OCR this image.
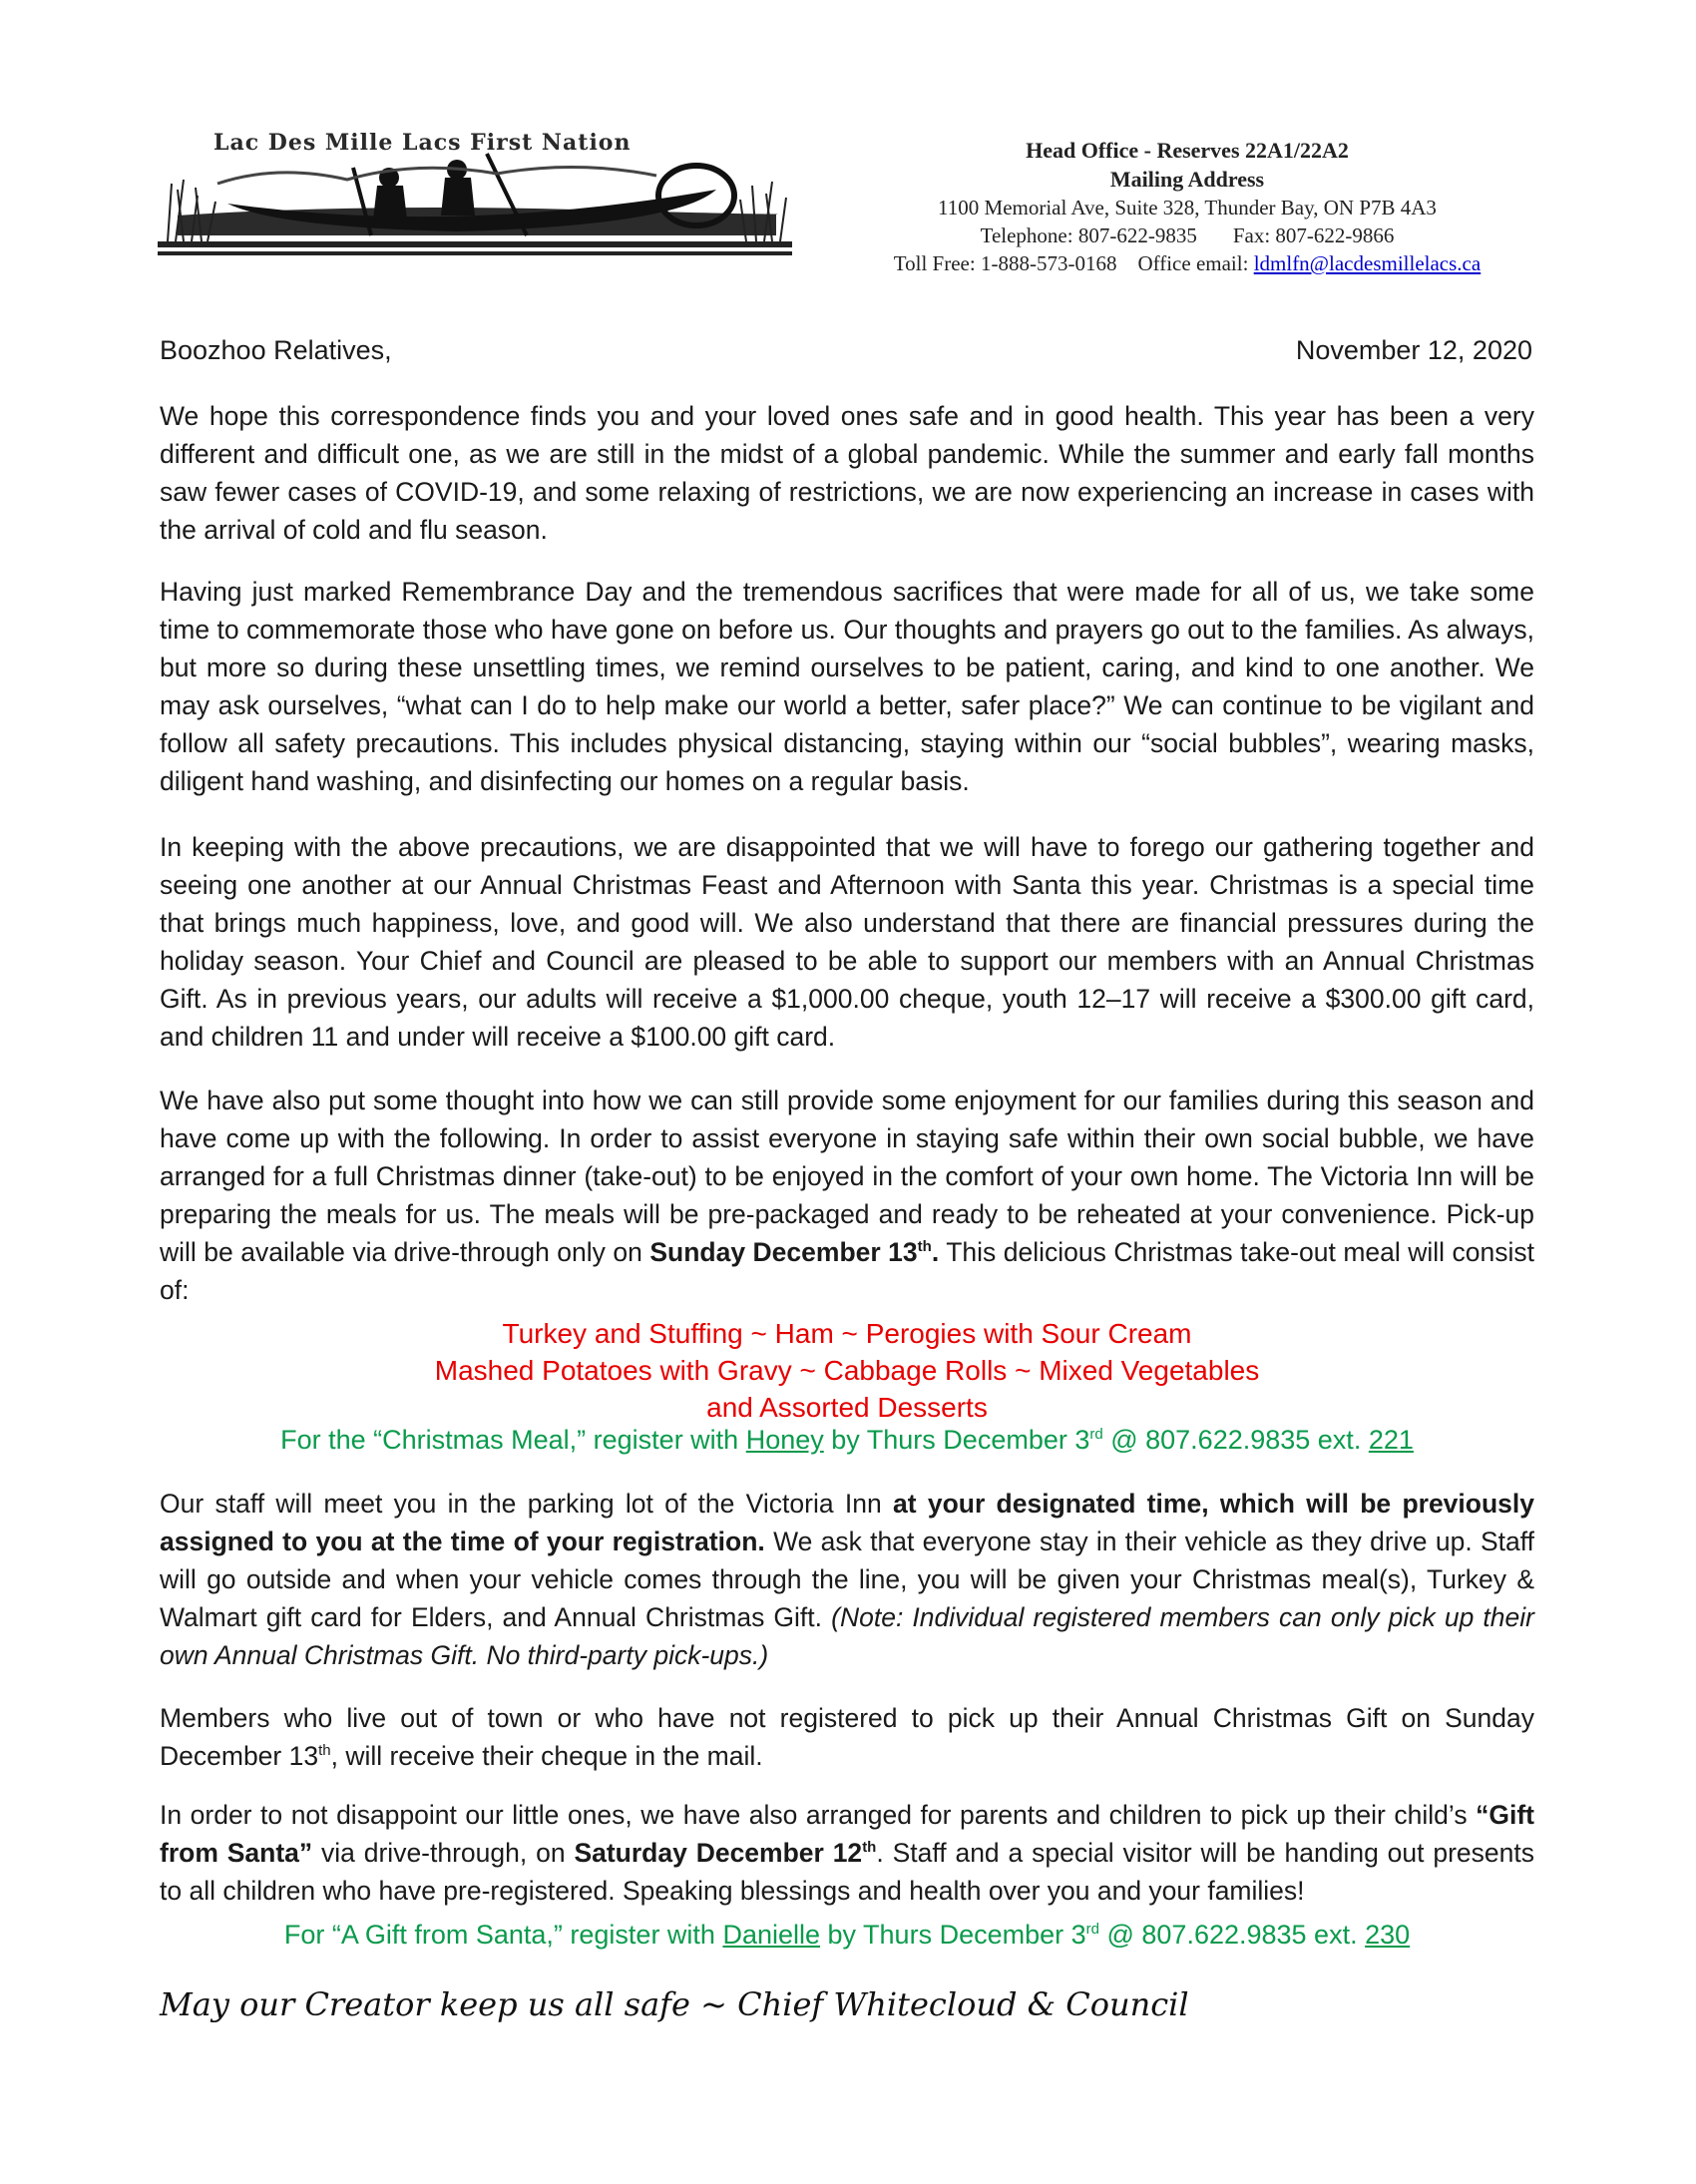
Lac Des Mille Lacs First Nation	Head Office - Reserves 22A1/22A2
Mailing Address
1100 Memorial Ave, Suite 328, Thunder Bay, ON P7B 4A3
Telephone: 807-622-9835 Fax: 807-622-9866
Toll Free: 1-888-573-0168 Office email: ldmlfn@lacdesmillelacs.ca
Boozhoo Relatives,	November 12, 2020
We hope this correspondence finds you and your loved ones safe and in good health. This year has been a very different and difficult one, as we are still in the midst of a global pandemic. While the summer and early fall months saw fewer cases of COVID-19, and some relaxing of restrictions, we are now experiencing an increase in cases with the arrival of cold and flu season.
Having just marked Remembrance Day and the tremendous sacrifices that were made for all of us, we take some time to commemorate those who have gone on before us. Our thoughts and prayers go out to the families. As always, but more so during these unsettling times, we remind ourselves to be patient, caring, and kind to one another. We may ask ourselves, “what can I do to help make our world a better, safer place?” We can continue to be vigilant and follow all safety precautions. This includes physical distancing, staying within our “social bubbles”, wearing masks, diligent hand washing, and disinfecting our homes on a regular basis.
In keeping with the above precautions, we are disappointed that we will have to forego our gathering together and seeing one another at our Annual Christmas Feast and Afternoon with Santa this year. Christmas is a special time that brings much happiness, love, and good will. We also understand that there are financial pressures during the holiday season. Your Chief and Council are pleased to be able to support our members with an Annual Christmas Gift. As in previous years, our adults will receive a $1,000.00 cheque, youth 12–17 will receive a $300.00 gift card, and children 11 and under will receive a $100.00 gift card.
We have also put some thought into how we can still provide some enjoyment for our families during this season and have come up with the following. In order to assist everyone in staying safe within their own social bubble, we have arranged for a full Christmas dinner (take-out) to be enjoyed in the comfort of your own home. The Victoria Inn will be preparing the meals for us. The meals will be pre-packaged and ready to be reheated at your convenience. Pick-up will be available via drive-through only on Sunday December 13th. This delicious Christmas take-out meal will consist of:
Turkey and Stuffing ~ Ham ~ Perogies with Sour Cream
Mashed Potatoes with Gravy ~ Cabbage Rolls ~ Mixed Vegetables
and Assorted Desserts
For the “Christmas Meal,” register with Honey by Thurs December 3rd @ 807.622.9835 ext. 221
Our staff will meet you in the parking lot of the Victoria Inn at your designated time, which will be previously assigned to you at the time of your registration. We ask that everyone stay in their vehicle as they drive up. Staff will go outside and when your vehicle comes through the line, you will be given your Christmas meal(s), Turkey & Walmart gift card for Elders, and Annual Christmas Gift. (Note: Individual registered members can only pick up their own Annual Christmas Gift. No third-party pick-ups.)
Members who live out of town or who have not registered to pick up their Annual Christmas Gift on Sunday December 13th, will receive their cheque in the mail.
In order to not disappoint our little ones, we have also arranged for parents and children to pick up their child’s “Gift from Santa” via drive-through, on Saturday December 12th. Staff and a special visitor will be handing out presents to all children who have pre-registered. Speaking blessings and health over you and your families!
For “A Gift from Santa,” register with Danielle by Thurs December 3rd @ 807.622.9835 ext. 230
May our Creator keep us all safe ~ Chief Whitecloud & Council
